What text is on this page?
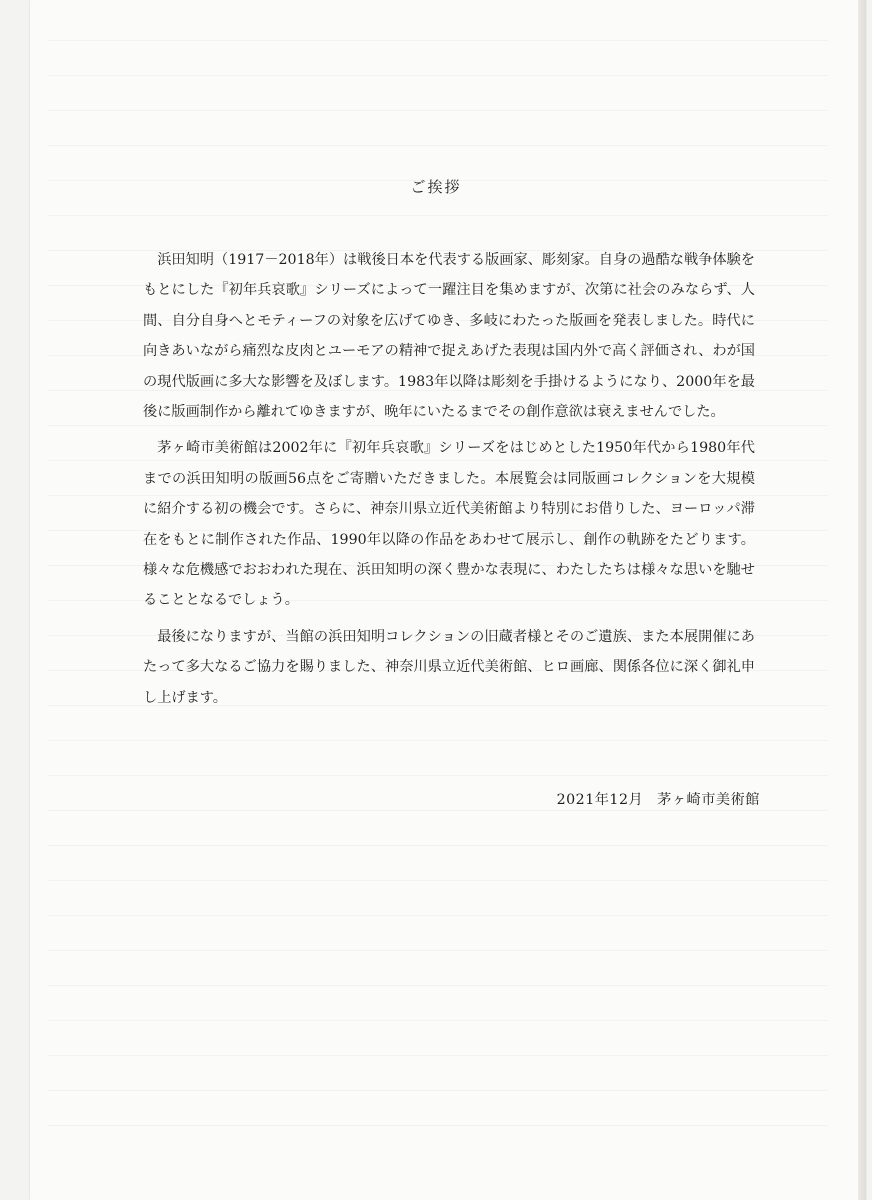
ご挨拶

浜田知明（1917－2018年）は戦後日本を代表する版画家、彫刻家。自身の過酷な戦争体験をもとにした『初年兵哀歌』シリーズによって一躍注目を集めますが、次第に社会のみならず、人間、自分自身へとモティーフの対象を広げてゆき、多岐にわたった版画を発表しました。時代に向きあいながら痛烈な皮肉とユーモアの精神で捉えあげた表現は国内外で高く評価され、わが国の現代版画に多大な影響を及ぼします。1983年以降は彫刻を手掛けるようになり、2000年を最後に版画制作から離れてゆきますが、晩年にいたるまでその創作意欲は衰えませんでした。

茅ヶ崎市美術館は2002年に『初年兵哀歌』シリーズをはじめとした1950年代から1980年代までの浜田知明の版画56点をご寄贈いただきました。本展覧会は同版画コレクションを大規模に紹介する初の機会です。さらに、神奈川県立近代美術館より特別にお借りした、ヨーロッパ滞在をもとに制作された作品、1990年以降の作品をあわせて展示し、創作の軌跡をたどります。様々な危機感でおおわれた現在、浜田知明の深く豊かな表現に、わたしたちは様々な思いを馳せることとなるでしょう。

最後になりますが、当館の浜田知明コレクションの旧蔵者様とそのご遺族、また本展開催にあたって多大なるご協力を賜りました、神奈川県立近代美術館、ヒロ画廊、関係各位に深く御礼申し上げます。

2021年12月 茅ヶ崎市美術館
